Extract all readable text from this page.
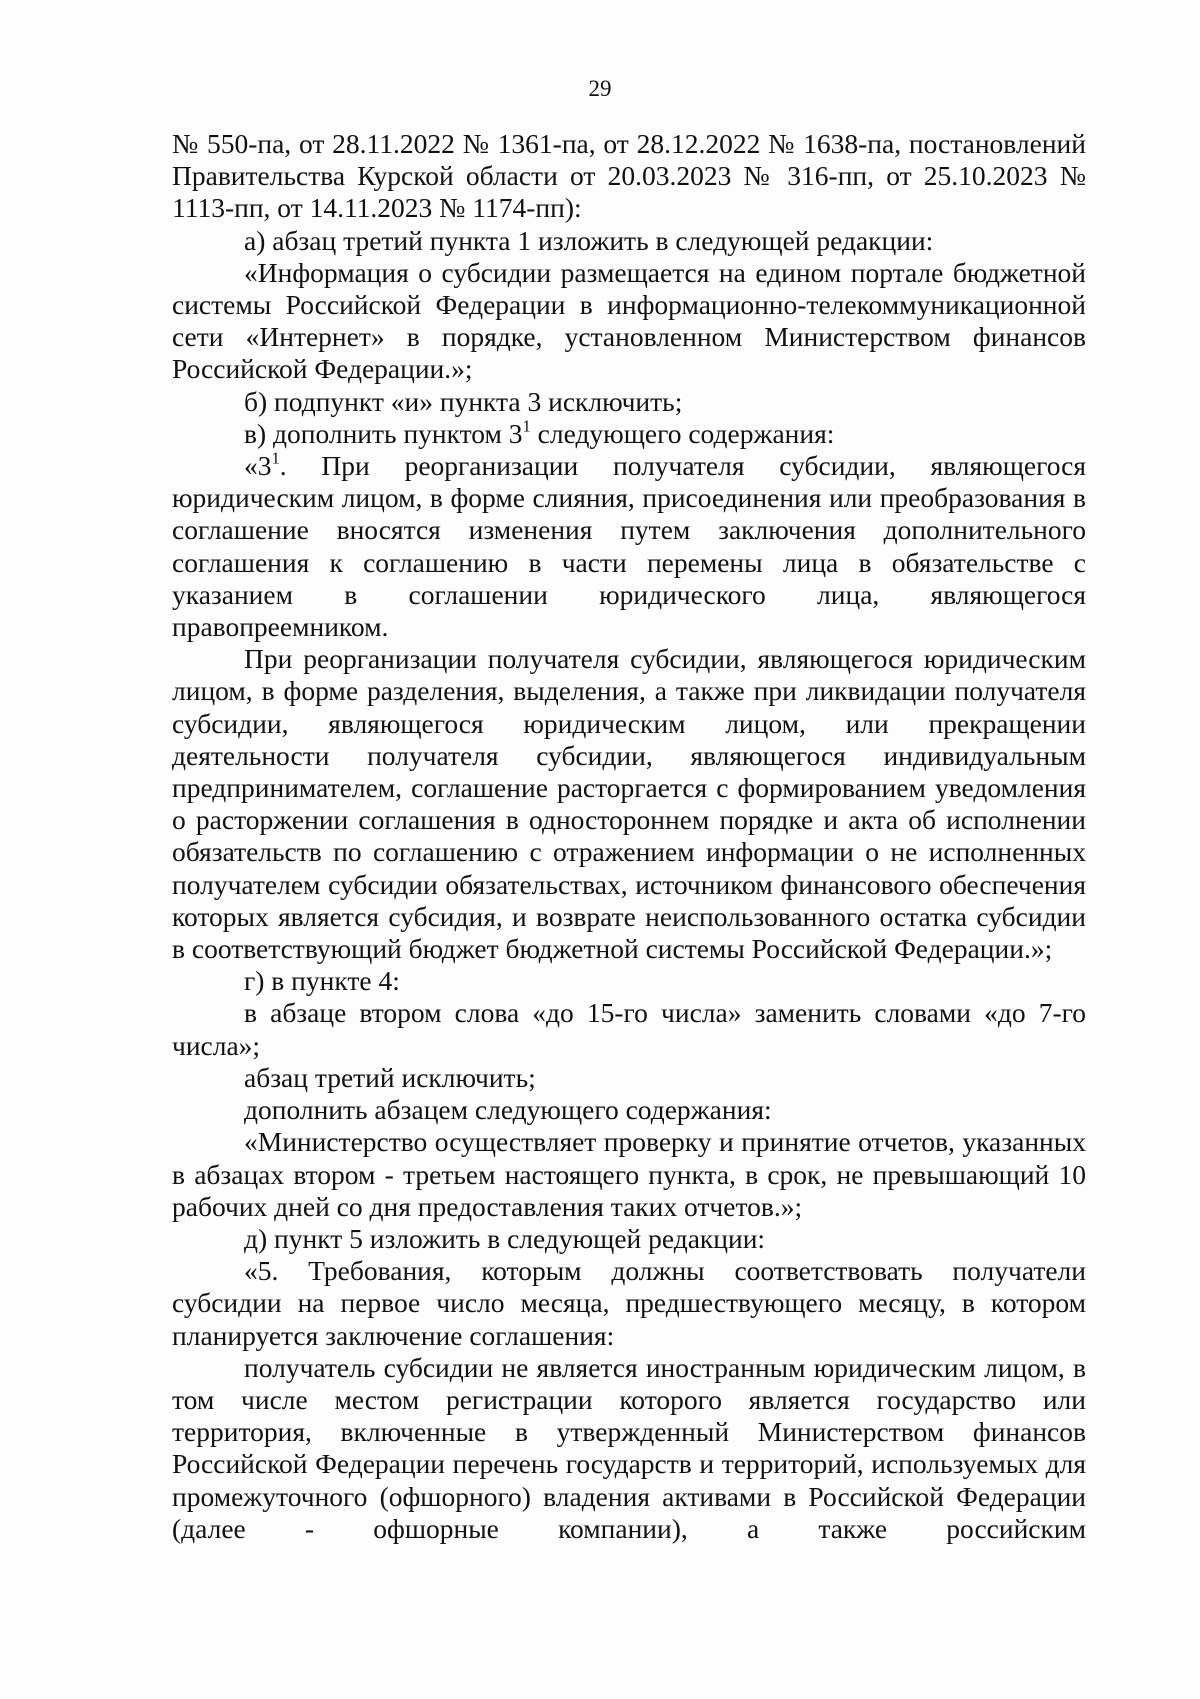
29

№ 550-па, от 28.11.2022 № 1361-па, от 28.12.2022 № 1638-па, постановлений Правительства Курской области от 20.03.2023 № 316-пп, от 25.10.2023 № 1113-пп, от 14.11.2023 № 1174-пп):

а) абзац третий пункта 1 изложить в следующей редакции:

«Информация о субсидии размещается на едином портале бюджетной системы Российской Федерации в информационно-телекоммуникационной сети «Интернет» в порядке, установленном Министерством финансов Российской Федерации.»;

б) подпункт «и» пункта 3 исключить;

в) дополнить пунктом $3^1$ следующего содержания:

«$3^1$. При реорганизации получателя субсидии, являющегося юридическим лицом, в форме слияния, присоединения или преобразования в соглашение вносятся изменения путем заключения дополнительного соглашения к соглашению в части перемены лица в обязательстве с указанием в соглашении юридического лица, являющегося правопреемником.

При реорганизации получателя субсидии, являющегося юридическим лицом, в форме разделения, выделения, а также при ликвидации получателя субсидии, являющегося юридическим лицом, или прекращении деятельности получателя субсидии, являющегося индивидуальным предпринимателем, соглашение расторгается с формированием уведомления о расторжении соглашения в одностороннем порядке и акта об исполнении обязательств по соглашению с отражением информации о не исполненных получателем субсидии обязательствах, источником финансового обеспечения которых является субсидия, и возврате неиспользованного остатка субсидии в соответствующий бюджет бюджетной системы Российской Федерации.»;

г) в пункте 4:

в абзаце втором слова «до 15-го числа» заменить словами «до 7-го числа»;

абзац третий исключить;

дополнить абзацем следующего содержания:

«Министерство осуществляет проверку и принятие отчетов, указанных в абзацах втором - третьем настоящего пункта, в срок, не превышающий 10 рабочих дней со дня предоставления таких отчетов.»;

д) пункт 5 изложить в следующей редакции:

«5. Требования, которым должны соответствовать получатели субсидии на первое число месяца, предшествующего месяцу, в котором планируется заключение соглашения:

получатель субсидии не является иностранным юридическим лицом, в том числе местом регистрации которого является государство или территория, включенные в утвержденный Министерством финансов Российской Федерации перечень государств и территорий, используемых для промежуточного (офшорного) владения активами в Российской Федерации (далее - офшорные компании), а также российским
